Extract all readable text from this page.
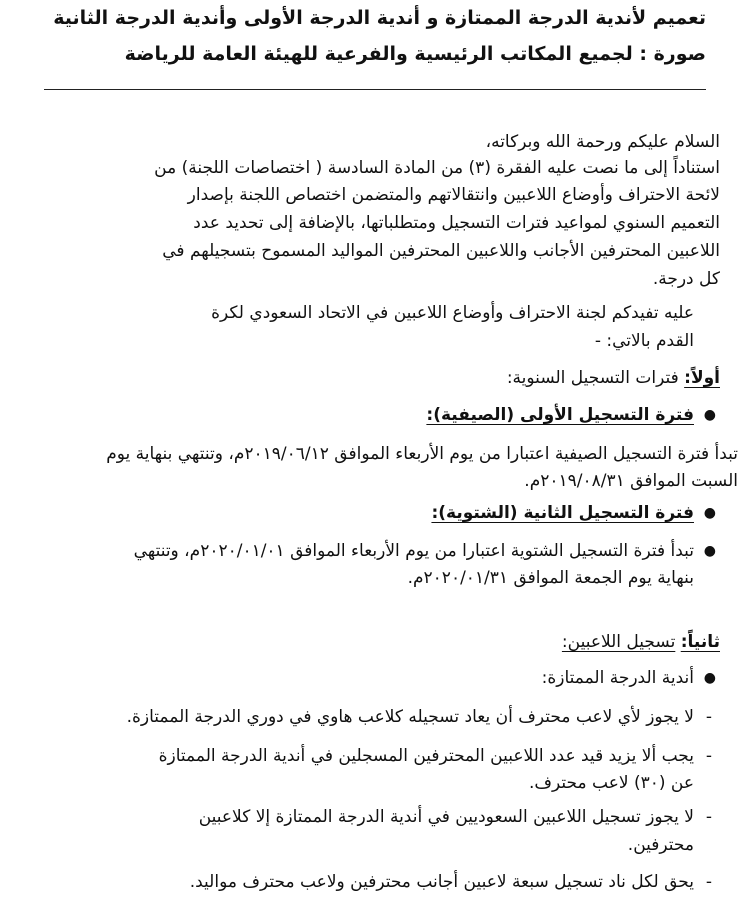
تعميم لأندية الدرجة الممتازة و أندية الدرجة الأولى وأندية الدرجة الثانية
صورة : لجميع المكاتب الرئيسية والفرعية للهيئة العامة للرياضة
السلام عليكم ورحمة الله وبركاته،
استناداً إلى ما نصت عليه الفقرة (٣) من المادة السادسة ( اختصاصات اللجنة) من
لائحة الاحتراف وأوضاع اللاعبين وانتقالاتهم والمتضمن اختصاص اللجنة بإصدار
التعميم السنوي لمواعيد فترات التسجيل ومتطلباتها، بالإضافة إلى تحديد عدد
اللاعبين المحترفين الأجانب واللاعبين المحترفين المواليد المسموح بتسجيلهم في
كل درجة.
عليه تفيدكم لجنة الاحتراف وأوضاع اللاعبين في الاتحاد السعودي لكرة
القدم بالاتي: -
أولاً: فترات التسجيل السنوية:
●
فترة التسجيل الأولى (الصيفية):
تبدأ فترة التسجيل الصيفية اعتبارا من يوم الأربعاء الموافق ٢٠١٩/٠٦/١٢م، وتنتهي بنهاية يوم
السبت الموافق ٢٠١٩/٠٨/٣١م.
●
فترة التسجيل الثانية (الشتوية):
●
تبدأ فترة التسجيل الشتوية اعتبارا من يوم الأربعاء الموافق ٢٠٢٠/٠١/٠١م، وتنتهي
بنهاية يوم الجمعة الموافق ٢٠٢٠/٠١/٣١م.
ثانياً: تسجيل اللاعبين:
●
أندية الدرجة الممتازة:
-
لا يجوز لأي لاعب محترف أن يعاد تسجيله كلاعب هاوي في دوري الدرجة الممتازة.
-
يجب ألا يزيد قيد عدد اللاعبين المحترفين المسجلين في أندية الدرجة الممتازة
عن (٣٠) لاعب محترف.
-
لا يجوز تسجيل اللاعبين السعوديين في أندية الدرجة الممتازة إلا كلاعبين
محترفين.
-
يحق لكل ناد تسجيل سبعة لاعبين أجانب محترفين ولاعب محترف مواليد.
